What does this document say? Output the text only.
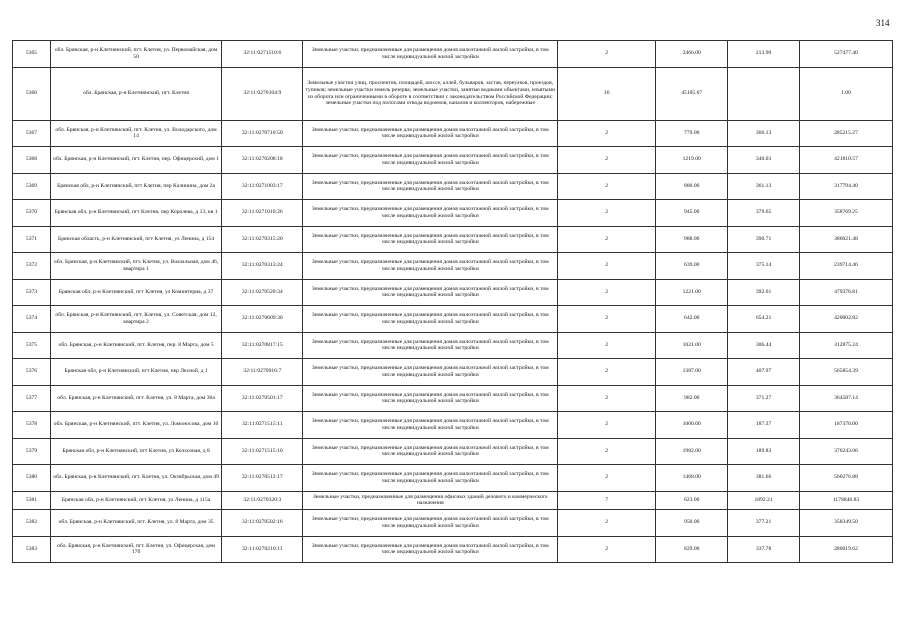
314
5365	обл. Брянская, р-н Клетнянский, пгт. Клетня, ул. Первомайская, дом 50	32:11:0271510:6	Земельные участки, предназначенные для размещения домов малоэтажной жилой застройки, в том числе индивидуальной жилой застройки	2	2466.00	213.90	527477.40
5366	обл. Брянская, р-н Клетнянский, пгт. Клетня	32:11:0270104:9	Земельные участки улиц, проспектов, площадей, шоссе, аллей, бульваров, застав, переулков, проездов, тупиков; земельные участки земель резерва; земельные участки, занятые водными объектами, изъятыми из оборота или ограниченными в обороте в соответствии с законодательством Российской Федерации; земельные участки под полосами отвода водоемов, каналов и коллекторов, набережные	16	45105.67		1.00
5367	обл. Брянская, р-н Клетнянский, пгт. Клетня, ул. Володарского, дом 14	32:11:0270710:50	Земельные участки, предназначенные для размещения домов малоэтажной жилой застройки, в том числе индивидуальной жилой застройки	2	779.00	366.13	285215.27
5368	обл. Брянская, р-н Клетнянский, пгт. Клетня, пер. Офицерский, дом 1	32:11:0270208:18	Земельные участки, предназначенные для размещения домов малоэтажной жилой застройки, в том числе индивидуальной жилой застройки	2	1219.00	346.03	421810.57
5369	Брянская обл, р-н Клетнянский, пгт Клетня, пер Калинина, дом 2а	32:11:0271003:17	Земельные участки, предназначенные для размещения домов малоэтажной жилой застройки, в том числе индивидуальной жилой застройки	2	880.00	361.13	317794.40
5370	Брянская обл, р-н Клетнянский, пгт Клетня, пер Королева, д 13, кв 1	32:11:0271010:26	Земельные участки, предназначенные для размещения домов малоэтажной жилой застройки, в том числе индивидуальной жилой застройки	2	945.00	379.65	358769.25
5371	Брянская область, р-н Клетнянский, пгт Клетня, ул Ленина, д 154	32:11:0270315:20	Земельные участки, предназначенные для размещения домов малоэтажной жилой застройки, в том числе индивидуальной жилой застройки	2	988.00	390.71	386021.48
5372	обл. Брянская, р-н Клетнянский, пгт. Клетня, ул. Вокзальная, дом 46, квартира 1	32:11:0270313:24	Земельные участки, предназначенные для размещения домов малоэтажной жилой застройки, в том числе индивидуальной жилой застройки	2	639.00	375.14	239714.46
5373	Брянская обл, р-н Клетнянский, пгт Клетня, ул Коминтерна, д 37	32:11:0270520:34	Земельные участки, предназначенные для размещения домов малоэтажной жилой застройки, в том числе индивидуальной жилой застройки	2	1221.00	392.61	479376.81
5374	обл. Брянская, р-н Клетнянский, пгт. Клетня, ул. Советская, дом 12, квартира 2	32:11:0270609:30	Земельные участки, предназначенные для размещения домов малоэтажной жилой застройки, в том числе индивидуальной жилой застройки	2	642.00	654.21	420002.82
5375	обл. Брянская, р-н Клетнянский, пгт. Клетня, пер. 8 Марта, дом 5	32:11:0270817:15	Земельные участки, предназначенные для размещения домов малоэтажной жилой застройки, в том числе индивидуальной жилой застройки	2	1021.00	306.44	312875.24
5376	Брянская обл, р-н Клетнянский, пгт Клетня, пер Лесной, д 1	32:11:0270916:7	Земельные участки, предназначенные для размещения домов малоэтажной жилой застройки, в том числе индивидуальной жилой застройки	2	1387.00	407.97	565854.39
5377	обл. Брянская, р-н Клетнянский, пгт. Клетня, ул. 8 Марта, дом 30а	32:11:0270501:17	Земельные участки, предназначенные для размещения домов малоэтажной жилой застройки, в том числе индивидуальной жилой застройки	2	982.00	371.27	364587.14
5378	обл. Брянская, р-н Клетнянский, пгт. Клетня, ул. Ломоносова, дом 10	32:11:0271515:11	Земельные участки, предназначенные для размещения домов малоэтажной жилой застройки, в том числе индивидуальной жилой застройки	2	1000.00	187.37	187370.00
5379	Брянская обл, р-н Клетнянский, пгт Клетня, ул Колхозная, д 8	32:11:0271515:10	Земельные участки, предназначенные для размещения домов малоэтажной жилой застройки, в том числе индивидуальной жилой застройки	2	1982.00	189.83	376243.06
5380	обл. Брянская, р-н Клетнянский, пгт. Клетня, ул. Октябрьская, дом 49	32:11:0270512:17	Земельные участки, предназначенные для размещения домов малоэтажной жилой застройки, в том числе индивидуальной жилой застройки	2	1468.00	381.66	560276.88
5381	Брянская обл, р-н Клетнянский, пгт Клетня, ул Ленина, д 115а	32:11:0270320:3	Земельные участки, предназначенные для размещения офисных зданий делового и коммерческого назначения	7	623.00	1892.21	1178846.83
5382	обл. Брянская, р-н Клетнянский, пгт. Клетня, ул. 8 Марта, дом 35	32:11:0270502:16	Земельные участки, предназначенные для размещения домов малоэтажной жилой застройки, в том числе индивидуальной жилой застройки	2	950.00	377.21	358349.50
5383	обл. Брянская, р-н Клетнянский, пгт. Клетня, ул. Офицерская, дом 17б	32:11:0270210:11	Земельные участки, предназначенные для размещения домов малоэтажной жилой застройки, в том числе индивидуальной жилой застройки	2	829.00	337.78	280019.62
